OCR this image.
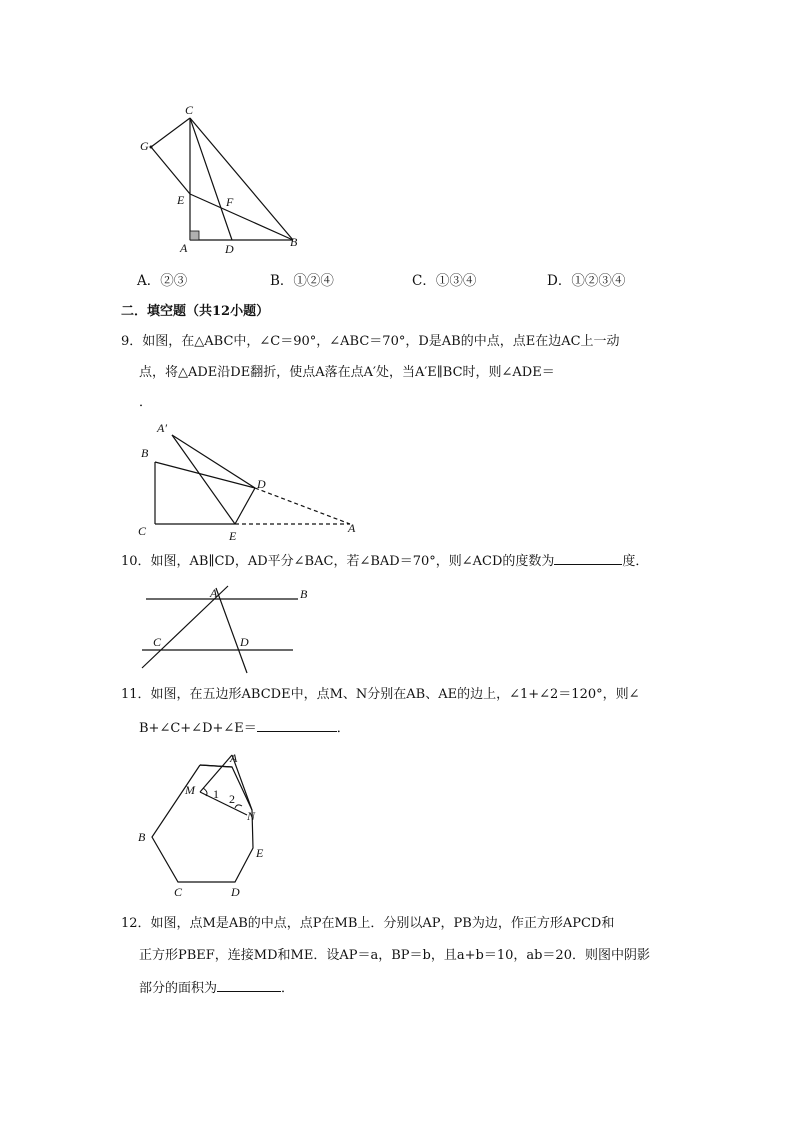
C
G
E	F
A	D	B
A．②③	B．①②④	C．①③④	D．①②③④
二．填空题（共12小题）
9．如图，在△ABC中，∠C＝90°，∠ABC＝70°，D是AB的中点，点E在边AC上一动
点，将△ADE沿DE翻折，使点A落在点A′处，当A′E∥BC时，则∠ADE＝
．
A′
B
C	E
D
A
10．如图，AB∥CD，AD平分∠BAC，若∠BAD＝70°，则∠ACD的度数为	度．
A	B
C	D
11．如图，在五边形ABCDE中，点M、N分别在AB、AE的边上，∠1+∠2＝120°，则∠
B+∠C+∠D+∠E＝	．
A
M
N
1 2
B
E
C	D
12．如图，点M是AB的中点，点P在MB上．分别以AP，PB为边，作正方形APCD和
正方形PBEF，连接MD和ME．设AP＝a，BP＝b，且a+b＝10，ab＝20．则图中阴影
部分的面积为	．
